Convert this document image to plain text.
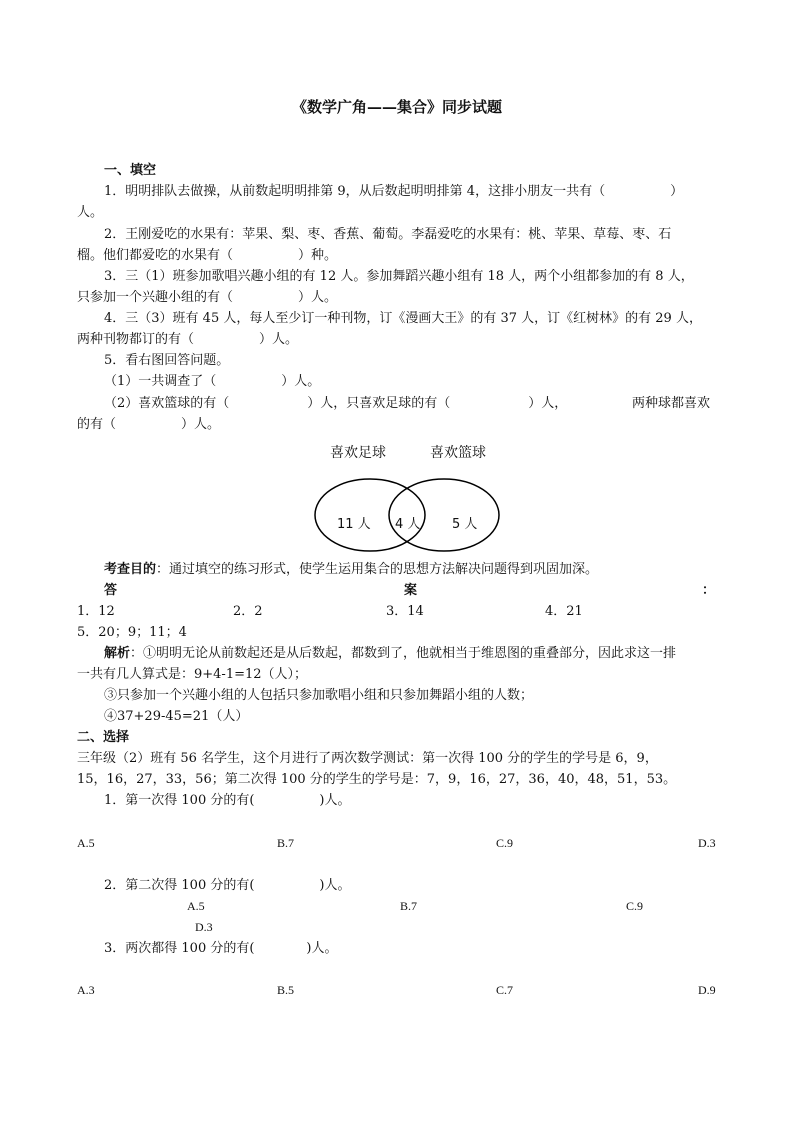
《数学广角——集合》同步试题
一、填空
1．明明排队去做操，从前数起明明排第 9，从后数起明明排第 4，这排小朋友一共有（　　　　　）
人。
2．王刚爱吃的水果有：苹果、梨、枣、香蕉、葡萄。李磊爱吃的水果有：桃、苹果、草莓、枣、石
榴。他们都爱吃的水果有（　　　　　）种。
3．三（1）班参加歌唱兴趣小组的有 12 人。参加舞蹈兴趣小组有 18 人，两个小组都参加的有 8 人，
只参加一个兴趣小组的有（　　　　　）人。
4．三（3）班有 45 人，每人至少订一种刊物，订《漫画大王》的有 37 人，订《红树林》的有 29 人，
两种刊物都订的有（　　　　　）人。
5．看右图回答问题。
（1）一共调查了（　　　　　）人。
（2）喜欢篮球的有（　　　　　　）人，只喜欢足球的有（　　　　　　）人，	两种球都喜欢
的有（　　　　　）人。
喜欢足球	喜欢篮球
11 人 4 人 5 人
考查目的：通过填空的练习形式，使学生运用集合的思想方法解决问题得到巩固加深。
答	案	：
1．12	2．2	3．14	4．21
5．20；9；11；4
解析：①明明无论从前数起还是从后数起，都数到了，他就相当于维恩图的重叠部分，因此求这一排
一共有几人算式是：9+4-1=12（人）；
③只参加一个兴趣小组的人包括只参加歌唱小组和只参加舞蹈小组的人数；
④37+29-45=21（人）
二、选择
三年级（2）班有 56 名学生，这个月进行了两次数学测试：第一次得 100 分的学生的学号是 6，9，
15，16，27，33，56；第二次得 100 分的学生的学号是：7，9，16，27，36，40，48，51，53。
1．第一次得 100 分的有(　　　　　)人。
A.5	B.7	C.9	D.3
2．第二次得 100 分的有(　　　　　)人。
A.5	B.7	C.9
D.3
3．两次都得 100 分的有(　　　　)人。
A.3	B.5	C.7	D.9
